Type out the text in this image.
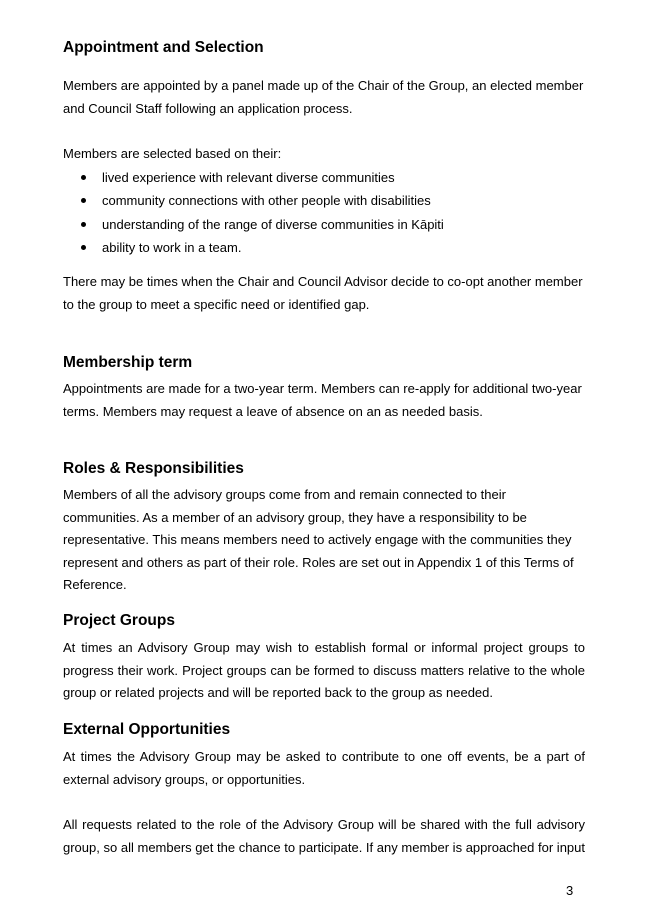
Appointment and Selection
Members are appointed by a panel made up of the Chair of the Group, an elected member
and Council Staff following an application process.
Members are selected based on their:
lived experience with relevant diverse communities
community connections with other people with disabilities
understanding of the range of diverse communities in Kāpiti
ability to work in a team.
There may be times when the Chair and Council Advisor decide to co-opt another member
to the group to meet a specific need or identified gap.
Membership term
Appointments are made for a two-year term. Members can re-apply for additional two-year
terms. Members may request a leave of absence on an as needed basis.
Roles & Responsibilities
Members of all the advisory groups come from and remain connected to their
communities. As a member of an advisory group, they have a responsibility to be
representative. This means members need to actively engage with the communities they
represent and others as part of their role. Roles are set out in Appendix 1 of this Terms of
Reference.
Project Groups
At times an Advisory Group may wish to establish formal or informal project groups to
progress their work. Project groups can be formed to discuss matters relative to the whole
group or related projects and will be reported back to the group as needed.
External Opportunities
At times the Advisory Group may be asked to contribute to one off events, be a part of
external advisory groups, or opportunities.
All requests related to the role of the Advisory Group will be shared with the full advisory
group, so all members get the chance to participate. If any member is approached for input
3
